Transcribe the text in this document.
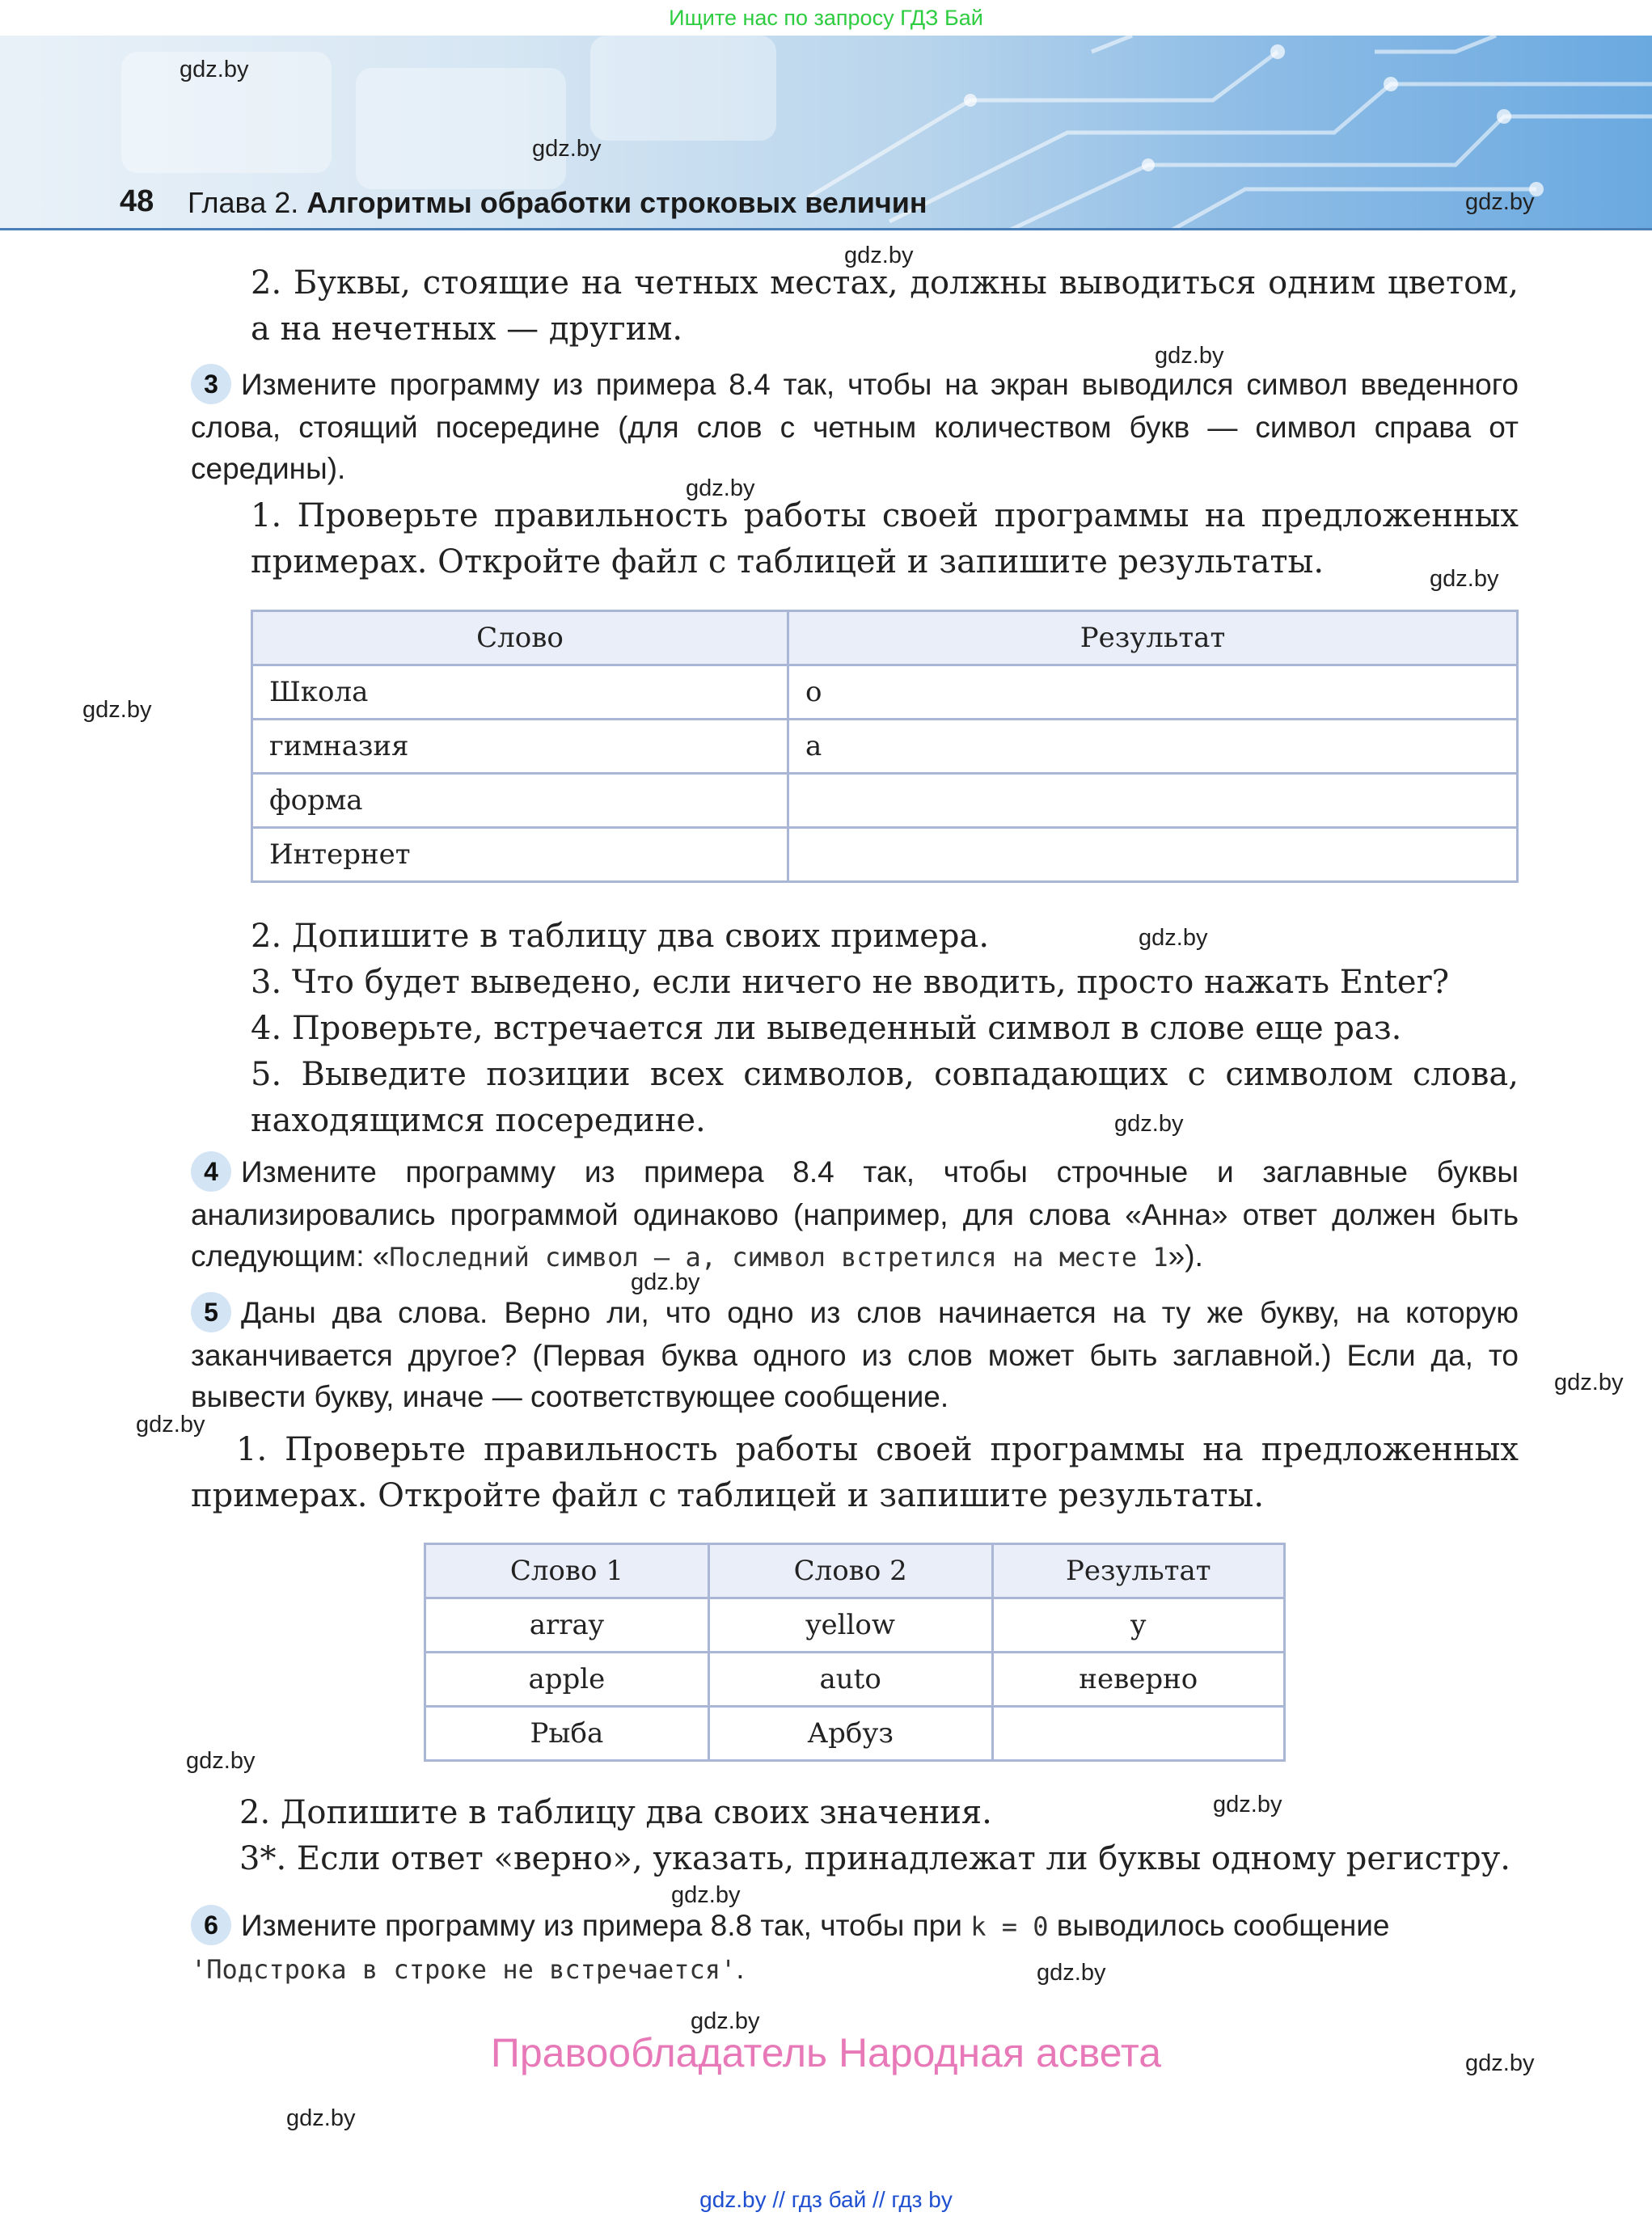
Ищите нас по запросу ГДЗ Бай
48 Глава 2. Алгоритмы обработки строковых величин
gdz.by
gdz.by
gdz.by
gdz.by
gdz.by
gdz.by
gdz.by
gdz.by
gdz.by
gdz.by
gdz.by
gdz.by
gdz.by
gdz.by
gdz.by
gdz.by
gdz.by
gdz.by
gdz.by
gdz.by
2. Буквы, стоящие на четных местах, должны выводиться одним цветом, а на нечетных — другим.
3 Измените программу из примера 8.4 так, чтобы на экран выводился символ введенного слова, стоящий посередине (для слов с четным количеством букв — символ справа от середины).
1. Проверьте правильность работы своей программы на предложенных примерах. Откройте файл с таблицей и запишите результаты.
Слово	Результат
Школа	о
гимназия	а
форма	
Интернет	
2. Допишите в таблицу два своих примера.
3. Что будет выведено, если ничего не вводить, просто нажать Enter?
4. Проверьте, встречается ли выведенный символ в слове еще раз.
5. Выведите позиции всех символов, совпадающих с символом слова, находящимся посередине.
4 Измените программу из примера 8.4 так, чтобы строчные и заглавные буквы анализировались программой одинаково (например, для слова «Анна» ответ должен быть следующим: «Последний символ — а, символ встретился на месте 1»).
5 Даны два слова. Верно ли, что одно из слов начинается на ту же букву, на которую заканчивается другое? (Первая буква одного из слов может быть заглавной.) Если да, то вывести букву, иначе — соответствующее сообщение.
1. Проверьте правильность работы своей программы на предложенных примерах. Откройте файл с таблицей и запишите результаты.
Слово 1	Слово 2	Результат
array	yellow	y
apple	auto	неверно
Рыба	Арбуз	
2. Допишите в таблицу два своих значения.
3*. Если ответ «верно», указать, принадлежат ли буквы одному регистру.
6 Измените программу из примера 8.8 так, чтобы при k = 0 выводилось сообщение
'Подстрока в строке не встречается'.
Правообладатель Народная асвета
gdz.by // гдз бай // гдз by
